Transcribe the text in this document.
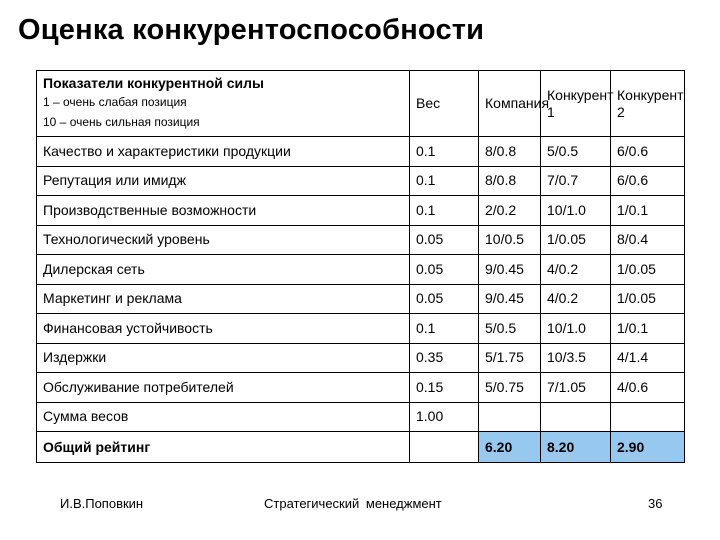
Оценка конкурентоспособности
Показатели конкурентной силы
1 – очень слабая позиция
10 – очень сильная позиция	Вес	Компания	Конкурент 1	Конкурент 2
Качество и характеристики продукции	0.1	8/0.8	5/0.5	6/0.6
Репутация или имидж	0.1	8/0.8	7/0.7	6/0.6
Производственные возможности	0.1	2/0.2	10/1.0	1/0.1
Технологический уровень	0.05	10/0.5	1/0.05	8/0.4
Дилерская сеть	0.05	9/0.45	4/0.2	1/0.05
Маркетинг и реклама	0.05	9/0.45	4/0.2	1/0.05
Финансовая устойчивость	0.1	5/0.5	10/1.0	1/0.1
Издержки	0.35	5/1.75	10/3.5	4/1.4
Обслуживание потребителей	0.15	5/0.75	7/1.05	4/0.6
Сумма весов	1.00			
Общий рейтинг		6.20	8.20	2.90
И.В.Поповкин	Стратегический менеджмент	36
